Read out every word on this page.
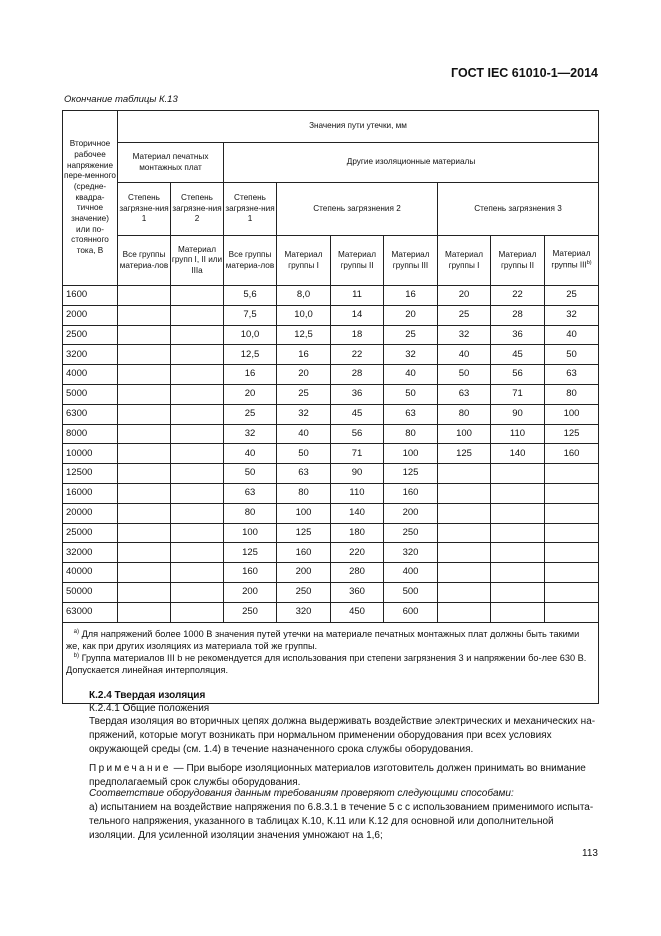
ГОСТ IEC 61010-1—2014
Окончание таблицы К.13
Вторичное рабочее напряжение пере-менного (средне-квадра-тичное значение) или по-стоянного тока, В	Значения пути утечки, мм								
	Материал печатных монтажных плат		Другие изоляционные материалы						
	Степень загрязне-ния 1	Степень загрязне-ния 2	Степень загрязне-ния 1	Степень загрязнения 2			Степень загрязнения 3		
	Все группы материа-лов	Материал групп I, II или IIIa	Все группы материа-лов	Материал группы I	Материал группы II	Материал группы III	Материал группы I	Материал группы II	Материал группы III$^{b)}$
1600			5,6	8,0	11	16	20	22	25
2000			7,5	10,0	14	20	25	28	32
2500			10,0	12,5	18	25	32	36	40
3200			12,5	16	22	32	40	45	50
4000			16	20	28	40	50	56	63
5000			20	25	36	50	63	71	80
6300			25	32	45	63	80	90	100
8000			32	40	56	80	100	110	125
10000			40	50	71	100	125	140	160
12500			50	63	90	125			
16000			63	80	110	160			
20000			80	100	140	200			
25000			100	125	180	250			
32000			125	160	220	320			
40000			160	200	280	400			
50000			200	250	360	500			
63000			250	320	450	600			

$^{a)}$ Для напряжений более 1000 В значения путей утечки на материале печатных монтажных плат должны быть такими же, как при других изоляциях из материала той же группы.

$^{b)}$ Группа материалов III b не рекомендуется для использования при степени загрязнения 3 и напряжении бо-лее 630 В.

Допускается линейная интерполяция.									

К.2.4 Твердая изоляция
К.2.4.1 Общие положения
Твердая изоляция во вторичных цепях должна выдерживать воздействие электрических и механических на-пряжений, которые могут возникать при нормальном применении оборудования при всех условиях окружающей среды (см. 1.4) в течение назначенного срока службы оборудования.
Примечание — При выборе изоляционных материалов изготовитель должен принимать во внимание предполагаемый срок службы оборудования.
Соответствие оборудования данным требованиям проверяют следующими способами:
а) испытанием на воздействие напряжения по 6.8.3.1 в течение 5 с с использованием применимого испыта-тельного напряжения, указанного в таблицах К.10, К.11 или К.12 для основной или дополнительной изоляции. Для усиленной изоляции значения умножают на 1,6;
113
